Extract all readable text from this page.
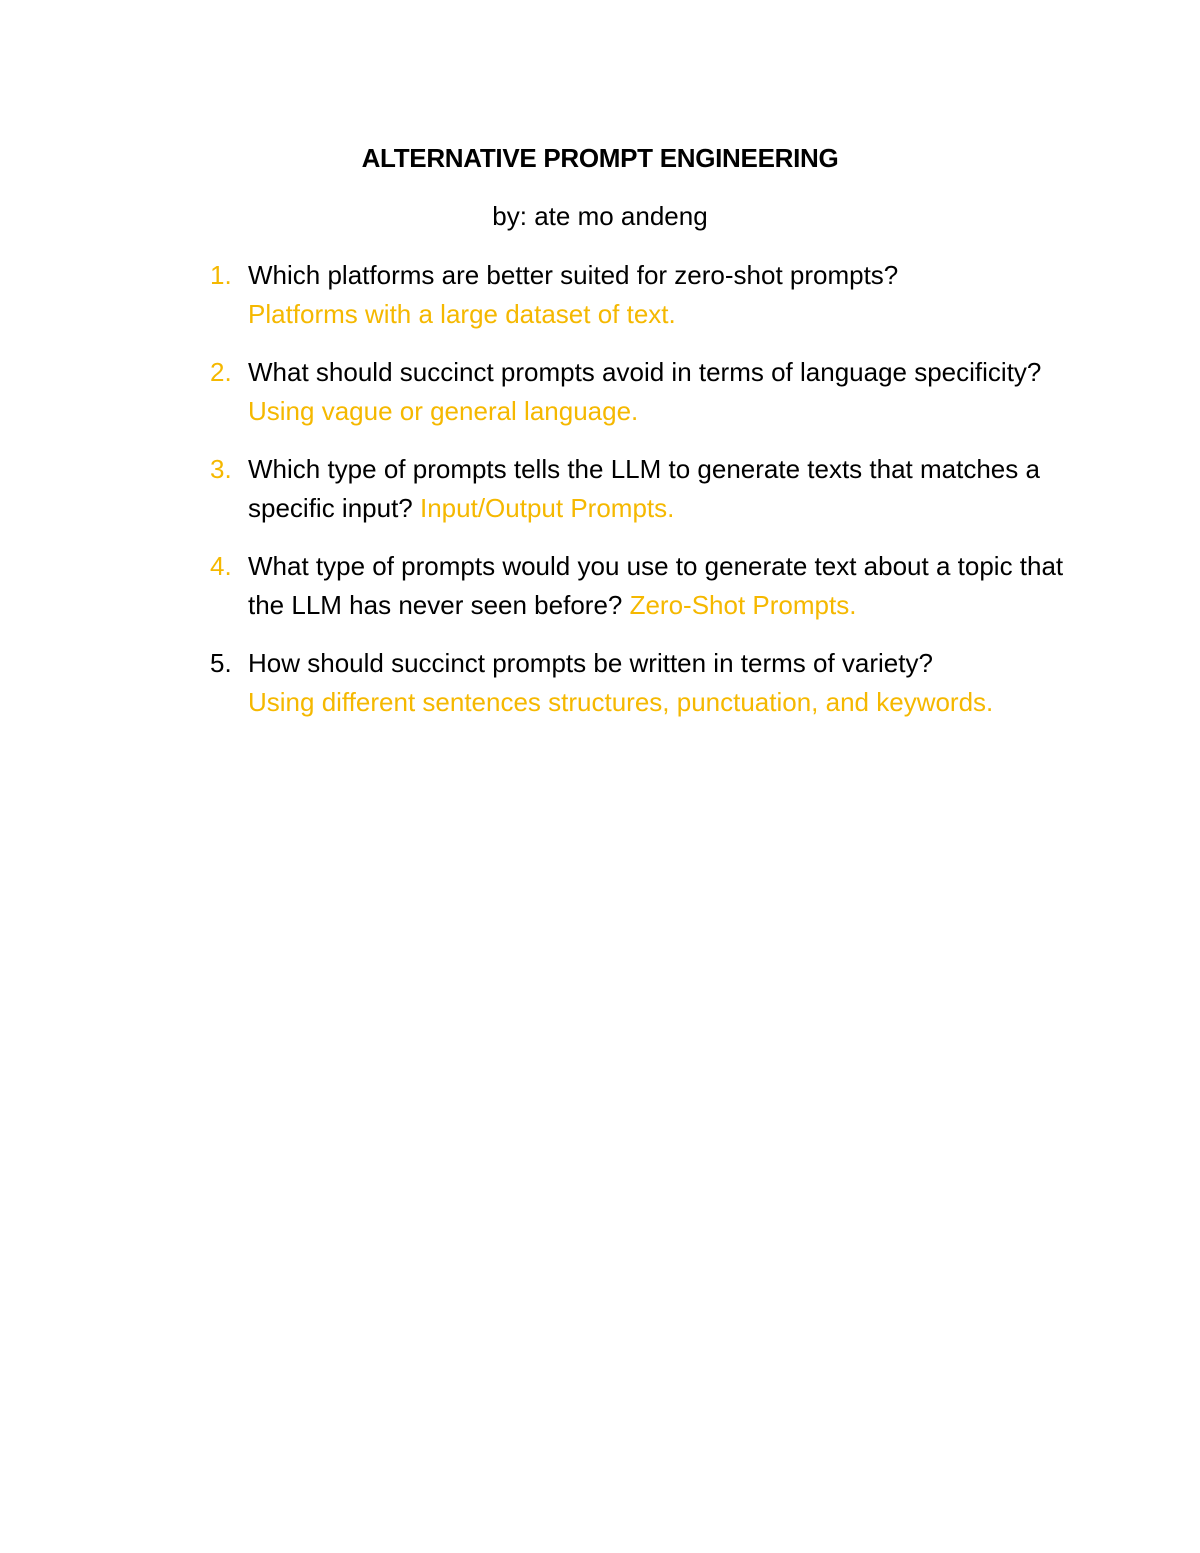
ALTERNATIVE PROMPT ENGINEERING
by: ate mo andeng
1. Which platforms are better suited for zero-shot prompts?
Platforms with a large dataset of text.
2. What should succinct prompts avoid in terms of language specificity? Using vague or general language.
3. Which type of prompts tells the LLM to generate texts that matches a specific input? Input/Output Prompts.
4. What type of prompts would you use to generate text about a topic that the LLM has never seen before? Zero-Shot Prompts.
5. How should succinct prompts be written in terms of variety?
Using different sentences structures, punctuation, and keywords.
